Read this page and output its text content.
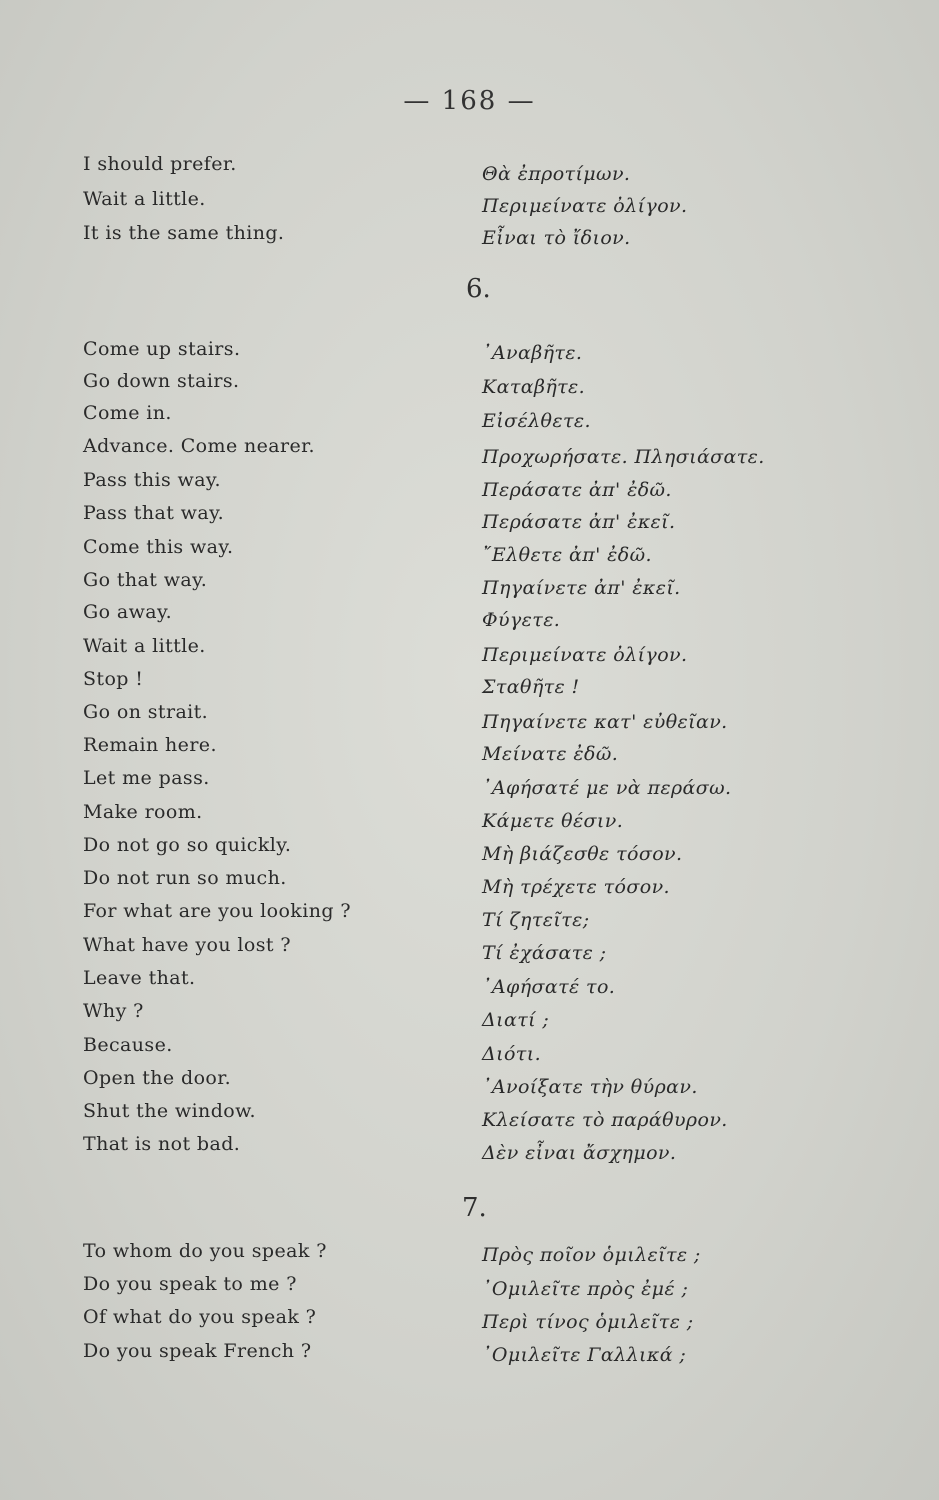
— 168 —
I should prefer.	Θὰ ἐπροτίμων.
Wait a little.	Περιμείνατε ὀλίγον.
It is the same thing.	Εἶναι τὸ ἴδιον.
6.
Come up stairs.	᾿Αναβῆτε.
Go down stairs.	Καταβῆτε.
Come in.	Εἰσέλθετε.
Advance. Come nearer.	Προχωρήσατε. Πλησιάσατε.
Pass this way.	Περάσατε ἀπ' ἐδῶ.
Pass that way.	Περάσατε ἀπ' ἐκεῖ.
Come this way.	῎Ελθετε ἀπ' ἐδῶ.
Go that way.	Πηγαίνετε ἀπ' ἐκεῖ.
Go away.	Φύγετε.
Wait a little.	Περιμείνατε ὀλίγον.
Stop !	Σταθῆτε !
Go on strait.	Πηγαίνετε κατ' εὐθεῖαν.
Remain here.	Μείνατε ἐδῶ.
Let me pass.	᾿Αφήσατέ με νὰ περάσω.
Make room.	Κάμετε θέσιν.
Do not go so quickly.	Μὴ βιάζεσθε τόσον.
Do not run so much.	Μὴ τρέχετε τόσον.
For what are you looking ?	Τί ζητεῖτε;
What have you lost ?	Τί ἐχάσατε ;
Leave that.	᾿Αφήσατέ το.
Why ?	Διατί ;
Because.	Διότι.
Open the door.	᾿Ανοίξατε τὴν θύραν.
Shut the window.	Κλείσατε τὸ παράθυρον.
That is not bad.	Δὲν εἶναι ἄσχημον.
7.
To whom do you speak ?	Πρὸς ποῖον ὁμιλεῖτε ;
Do you speak to me ?	᾿Ομιλεῖτε πρὸς ἐμέ ;
Of what do you speak ?	Περὶ τίνος ὁμιλεῖτε ;
Do you speak French ?	᾿Ομιλεῖτε Γαλλικά ;
